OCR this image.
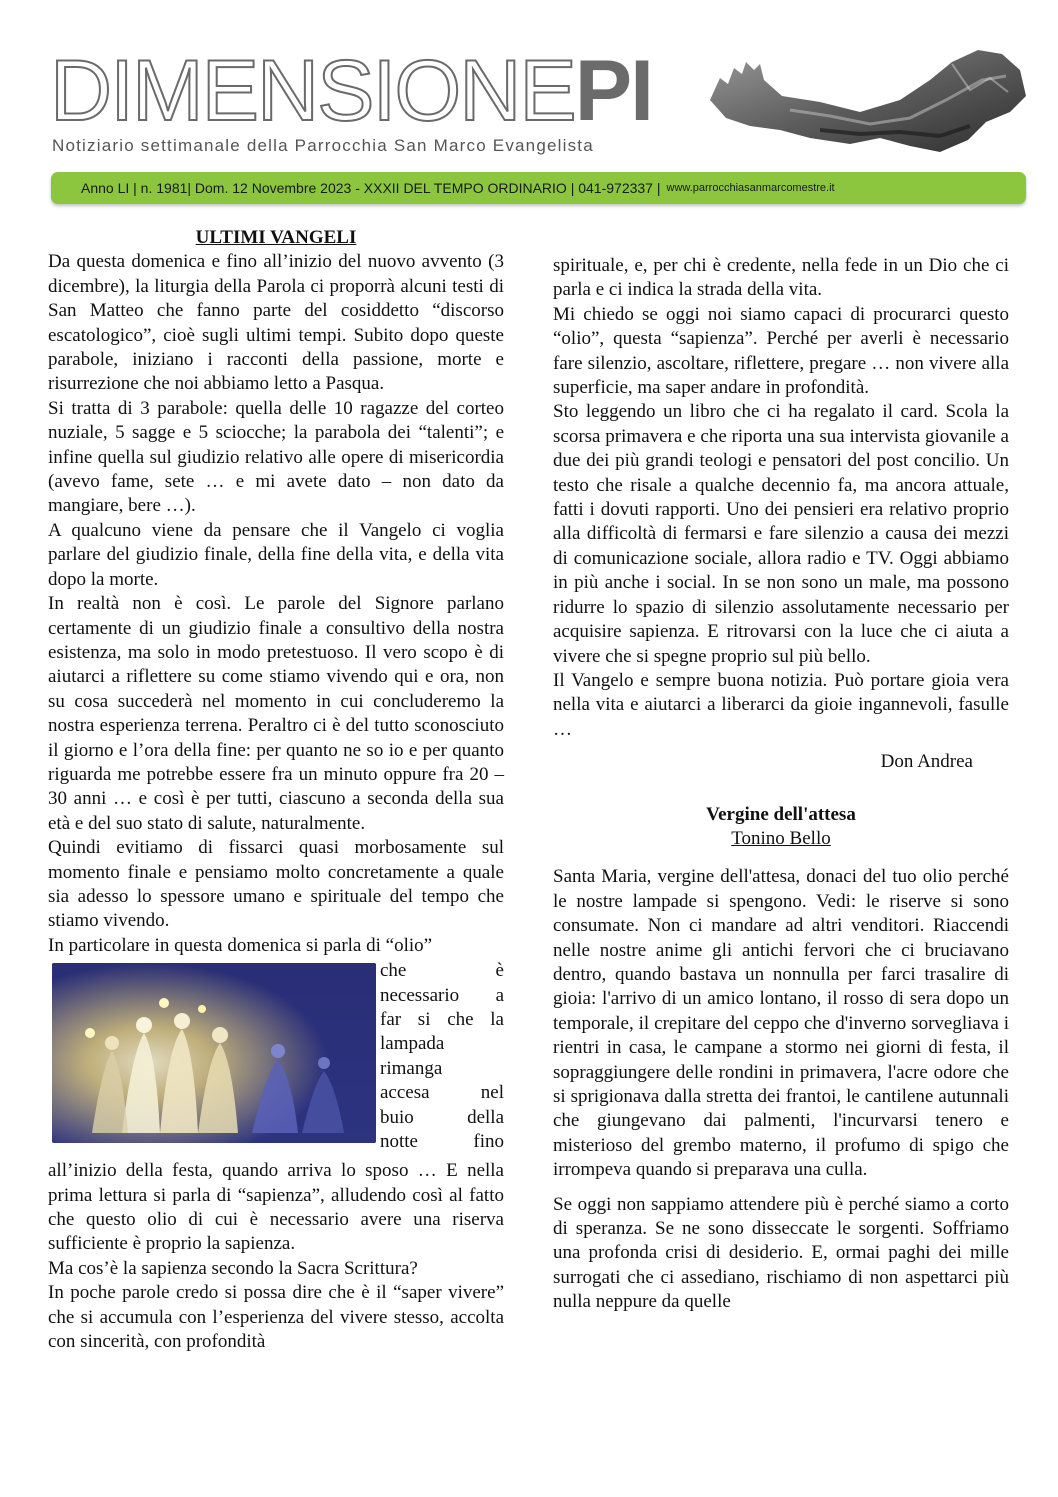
DIMENSIONEPI
Notiziario settimanale della Parrocchia San Marco Evangelista
Anno LI | n. 1981| Dom. 12 Novembre 2023 - XXXII DEL TEMPO ORDINARIO | 041-972337 | www.parrocchiasanmarcomestre.it

ULTIMI VANGELI

Da questa domenica e fino all’inizio del nuovo avvento (3 dicembre), la liturgia della Parola ci proporrà alcuni testi di San Matteo che fanno parte del cosiddetto “discorso escatologico”, cioè sugli ultimi tempi. Subito dopo queste parabole, iniziano i racconti della passione, morte e risurrezione che noi abbiamo letto a Pasqua.

Si tratta di 3 parabole: quella delle 10 ragazze del corteo nuziale, 5 sagge e 5 sciocche; la parabola dei “talenti”; e infine quella sul giudizio relativo alle opere di misericordia (avevo fame, sete … e mi avete dato – non dato da mangiare, bere …).

A qualcuno viene da pensare che il Vangelo ci voglia parlare del giudizio finale, della fine della vita, e della vita dopo la morte.

In realtà non è così. Le parole del Signore parlano certamente di un giudizio finale a consultivo della nostra esistenza, ma solo in modo pretestuoso. Il vero scopo è di aiutarci a riflettere su come stiamo vivendo qui e ora, non su cosa succederà nel momento in cui concluderemo la nostra esperienza terrena. Peraltro ci è del tutto sconosciuto il giorno e l’ora della fine: per quanto ne so io e per quanto riguarda me potrebbe essere fra un minuto oppure fra 20 – 30 anni … e così è per tutti, ciascuno a seconda della sua età e del suo stato di salute, naturalmente.

Quindi evitiamo di fissarci quasi morbosamente sul momento finale e pensiamo molto concretamente a quale sia adesso lo spessore umano e spirituale del tempo che stiamo vivendo.

In particolare in questa domenica si parla di “olio”

che è
necessario a
far si che la
lampada
rimanga
accesa nel
buio della
notte fino

all’inizio della festa, quando arriva lo sposo … E nella prima lettura si parla di “sapienza”, alludendo così al fatto che questo olio di cui è necessario avere una riserva sufficiente è proprio la sapienza.

Ma cos’è la sapienza secondo la Sacra Scrittura?

In poche parole credo si possa dire che è il “saper vivere” che si accumula con l’esperienza del vivere stesso, accolta con sincerità, con profondità

spirituale, e, per chi è credente, nella fede in un Dio che ci parla e ci indica la strada della vita.

Mi chiedo se oggi noi siamo capaci di procurarci questo “olio”, questa “sapienza”. Perché per averli è necessario fare silenzio, ascoltare, riflettere, pregare … non vivere alla superficie, ma saper andare in profondità.

Sto leggendo un libro che ci ha regalato il card. Scola la scorsa primavera e che riporta una sua intervista giovanile a due dei più grandi teologi e pensatori del post concilio. Un testo che risale a qualche decennio fa, ma ancora attuale, fatti i dovuti rapporti. Uno dei pensieri era relativo proprio alla difficoltà di fermarsi e fare silenzio a causa dei mezzi di comunicazione sociale, allora radio e TV. Oggi abbiamo in più anche i social. In se non sono un male, ma possono ridurre lo spazio di silenzio assolutamente necessario per acquisire sapienza. E ritrovarsi con la luce che ci aiuta a vivere che si spegne proprio sul più bello.

Il Vangelo e sempre buona notizia. Può portare gioia vera nella vita e aiutarci a liberarci da gioie ingannevoli, fasulle …

Don Andrea

Vergine dell'attesa

Tonino Bello

Santa Maria, vergine dell'attesa, donaci del tuo olio perché le nostre lampade si spengono. Vedi: le riserve si sono consumate. Non ci mandare ad altri venditori. Riaccendi nelle nostre anime gli antichi fervori che ci bruciavano dentro, quando bastava un nonnulla per farci trasalire di gioia: l'arrivo di un amico lontano, il rosso di sera dopo un temporale, il crepitare del ceppo che d'inverno sorvegliava i rientri in casa, le campane a stormo nei giorni di festa, il sopraggiungere delle rondini in primavera, l'acre odore che si sprigionava dalla stretta dei frantoi, le cantilene autunnali che giungevano dai palmenti, l'incurvarsi tenero e misterioso del grembo materno, il profumo di spigo che irrompeva quando si preparava una culla.

Se oggi non sappiamo attendere più è perché siamo a corto di speranza. Se ne sono disseccate le sorgenti. Soffriamo una profonda crisi di desiderio. E, ormai paghi dei mille surrogati che ci assediano, rischiamo di non aspettarci più nulla neppure da quelle
